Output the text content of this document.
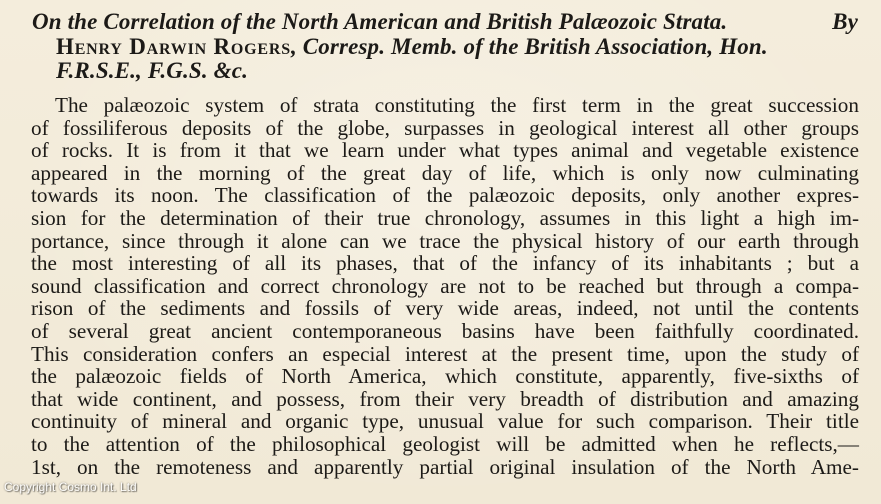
On the Correlation of the North American and British Palæozoic Strata.	By
Henry Darwin Rogers, Corresp. Memb. of the British Association, Hon.
F.R.S.E., F.G.S. &c.
The palæozoic system of strata constituting the first term in the great succession
of fossiliferous deposits of the globe, surpasses in geological interest all other groups
of rocks. It is from it that we learn under what types animal and vegetable existence
appeared in the morning of the great day of life, which is only now culminating
towards its noon. The classification of the palæozoic deposits, only another expres-
sion for the determination of their true chronology, assumes in this light a high im-
portance, since through it alone can we trace the physical history of our earth through
the most interesting of all its phases, that of the infancy of its inhabitants ; but a
sound classification and correct chronology are not to be reached but through a compa-
rison of the sediments and fossils of very wide areas, indeed, not until the contents
of several great ancient contemporaneous basins have been faithfully coordinated.
This consideration confers an especial interest at the present time, upon the study of
the palæozoic fields of North America, which constitute, apparently, five-sixths of
that wide continent, and possess, from their very breadth of distribution and amazing
continuity of mineral and organic type, unusual value for such comparison. Their title
to the attention of the philosophical geologist will be admitted when he reflects,—
1st, on the remoteness and apparently partial original insulation of the North Ame-
Copyright Cosmo Int. Ltd
